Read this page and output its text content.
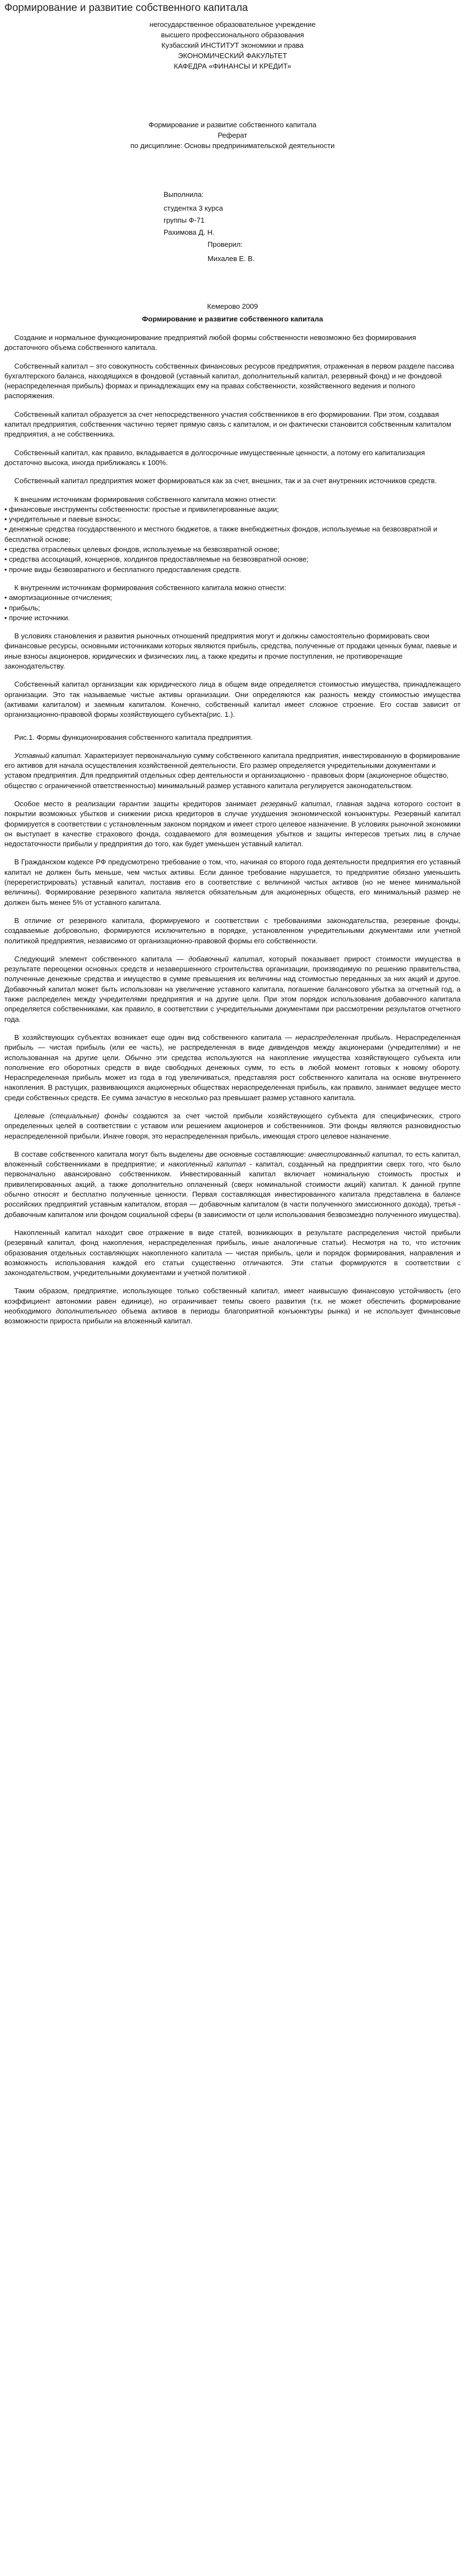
Формирование и развитие собственного капитала

негосударственное образовательное учреждение

высшего профессионального образования

Кузбасский ИНСТИТУТ экономики и права

ЭКОНОМИЧЕСКИЙ ФАКУЛЬТЕТ

КАФЕДРА «ФИНАНСЫ И КРЕДИТ»

Формирование и развитие собственного капитала

Реферат

по дисциплине: Основы предпринимательской деятельности

Выполнила:

студентка 3 курса

группы Ф-71

Рахимова Д. Н.

Проверил:

Михалев Е. В.

Кемерово 2009

Формирование и развитие собственного капитала

Создание и нормальное функционирование предприятий любой формы собственности невозможно без формирования достаточного объема собственного капитала.

Собственный капитал – это совокупность собственных финансовых ресурсов предприятия, отраженная в первом разделе пассива бухгалтерского баланса, находящихся в фондовой (уставный капитал, дополнительный капитал, резервный фонд) и не фондовой (нераспределенная прибыль) формах и принадлежащих ему на правах собственности, хозяйственного ведения и полного распоряжения.

Собственный капитал образуется за счет непосредственного участия собственников в его формировании. При этом, создавая капитал предприятия, собственник частично теряет прямую связь с капиталом, и он фактически становится собственным капиталом предприятия, а не собственника.

Собственный капитал, как правило, вкладывается в долгосрочные имущественные ценности, а потому его капитализация достаточно высока, иногда приближаясь к 100%.

Собственный капитал предприятия может формироваться как за счет, внешних, так и за счет внутренних источников средств.

К внешним источникам формирования собственного капитала можно отнести:

• финансовые инструменты собственности: простые и привилегированные акции;
• учредительные и паевые взносы;
• денежные средства государственного и местного бюджетов, а также внебюджетных фондов, используемые на безвозвратной и бесплатной основе;
• средства отраслевых целевых фондов, используемые на безвозвратной основе;
• средства ассоциаций, концернов, холдингов предоставляемые на безвозвратной основе;
• прочие виды безвозвратного и бесплатного предоставления средств.

К внутренним источникам формирования собственного капитала можно отнести:

• амортизационные отчисления;
• прибыль;
• прочие источники.

В условиях становления и развития рыночных отношений предприятия могут и должны самостоятельно формировать свои финансовые ресурсы, основными источниками которых являются прибыль, средства, полученные от продажи ценных бумаг, паевые и иные взносы акционеров, юридических и физических лиц, а также кредиты и прочие поступления, не противоречащие законодательству.

Собственный капитал организации как юридического лица в общем виде определяется стоимостью имущества, принадлежащего организации. Это так называемые чистые активы организации. Они определяются как разность между стоимостью имущества (активами капиталом) и заемным капиталом. Конечно, собственный капитал имеет сложное строение. Его состав зависит от организационно-правовой формы хозяйствующего субъекта(рис. 1.).

Рис.1. Формы функционирования собственного капитала предприятия.

Уставный капитал. Характеризует первоначальную сумму собственного капитала предприятия, инвестированную в формирование его активов для начала осуществления хозяйственной деятельности. Его размер определяется учредительными документами и уставом предприятия. Для предприятий отдельных сфер деятельности и организационно - правовых форм (акционерное общество, общество с ограниченной ответственностью) минимальный размер уставного капитала регулируется законодательством.

Особое место в реализации гарантии защиты кредиторов занимает резервный капитал, главная задача которого состоит в покрытии возможных убытков и снижении риска кредиторов в случае ухудшения экономической конъюнктуры. Резервный капитал формируется в соответствии с установленным законом порядком и имеет строго целевое назначение. В условиях рыночной экономики он выступает в качестве страхового фонда, создаваемого для возмещения убытков и защиты интересов третьих лиц в случае недостаточности прибыли у предприятия до того, как будет уменьшен уставный капитал.

В Гражданском кодексе РФ предусмотрено требование о том, что, начиная со второго года деятельности предприятия его уставный капитал не должен быть меньше, чем чистых активы. Если данное требование нарушается, то предприятие обязано уменьшить (перерегистрировать) уставный капитал, поставив его в соответствие с величиной чистых активов (но не менее минимальной величины). Формирование резервного капитала является обязательным для акционерных обществ, его минимальный размер не должен быть менее 5% от уставного капитала.

В отличие от резервного капитала, формируемого и соответствии с требованиями законодательства, резервные фонды, создаваемые добровольно, формируются исключительно в порядке, установленном учредительными документами или учетной политикой предприятия, независимо от организационно-правовой формы его собственности.

Следующий элемент собственного капитала — добавочный капитал, который показывает прирост стоимости имущества в результате переоценки основных средств и незавершенного строительства организации, производимую по решению правительства, полученные денежные средства и имущество в сумме превышения их величины над стоимостью переданных за них акций и другое. Добавочный капитал может быть использован на увеличение уставного капитала, погашение балансового убытка за отчетный год, а также распределен между учредителями предприятия и на другие цели. При этом порядок использования добавочного капитала определяется собственниками, как правило, в соответствии с учредительными документами при рассмотрении результатов отчетного года.

В хозяйствующих субъектах возникает еще один вид собственного капитала — нераспределенная прибыль. Нераспределенная прибыль — чистая прибыль (или ее часть), не распределенная в виде дивидендов между акционерами (учредителями) и не использованная на другие цели. Обычно эти средства используются на накопление имущества хозяйствующего субъекта или пополнение его оборотных средств в виде свободных денежных сумм, то есть в любой момент готовых к новому обороту. Нераспределенная прибыль может из года в год увеличиваться, представляя рост собственного капитала на основе внутреннего накопления. В растущих, развивающихся акционерных обществах нераспределенная прибыль, как правило, занимает ведущее место среди собственных средств. Ее сумма зачастую в несколько раз превышает размер уставного капитала.

Целевые (специальные) фонды создаются за счет чистой прибыли хозяйствующего субъекта для специфических, строго определенных целей в соответствии с уставом или решением акционеров и собственников. Эти фонды являются разновидностью нераспределенной прибыли. Иначе говоря, это нераспределенная прибыль, имеющая строго целевое назначение.

В составе собственного капитала могут быть выделены две основные составляющие: инвестированный капитал, то есть капитал, вложенный собственниками в предприятие; и накопленный капитал - капитал, созданный на предприятии сверх того, что было первоначально авансировано собственником. Инвестированный капитал включает номинальную стоимость простых и привилегированных акций, а также дополнительно оплаченный (сверх номинальной стоимости акций) капитал. К данной группе обычно относят и бесплатно полученные ценности. Первая составляющая инвестированного капитала представлена в балансе российских предприятий уставным капиталом, вторая — добавочным капиталом (в части полученного эмиссионного дохода), третья - добавочным капиталом или фондом социальной сферы (в зависимости от цели использования безвозмездно полученного имущества).

Накопленный капитал находит свое отражение в виде статей, возникающих в результате распределения чистой прибыли (резервный капитал, фонд накопления, нераспределенная прибыль, иные аналогичные статьи). Несмотря на то, что источник образования отдельных составляющих накопленного капитала — чистая прибыль, цели и порядок формирования, направления и возможность использования каждой его статьи существенно отличаются. Эти статьи формируются в соответствии с законодательством, учредительными документами и учетной политикой .

Таким образом, предприятие, использующее только собственный капитал, имеет наивысшую финансовую устойчивость (его коэффициент автономии равен единице), но ограничивает темпы своего развития (т.к. не может обеспечить формирование необходимого дополнительного объема активов в периоды благоприятной конъюнктуры рынка) и не использует финансовые возможности прироста прибыли на вложенный капитал.
